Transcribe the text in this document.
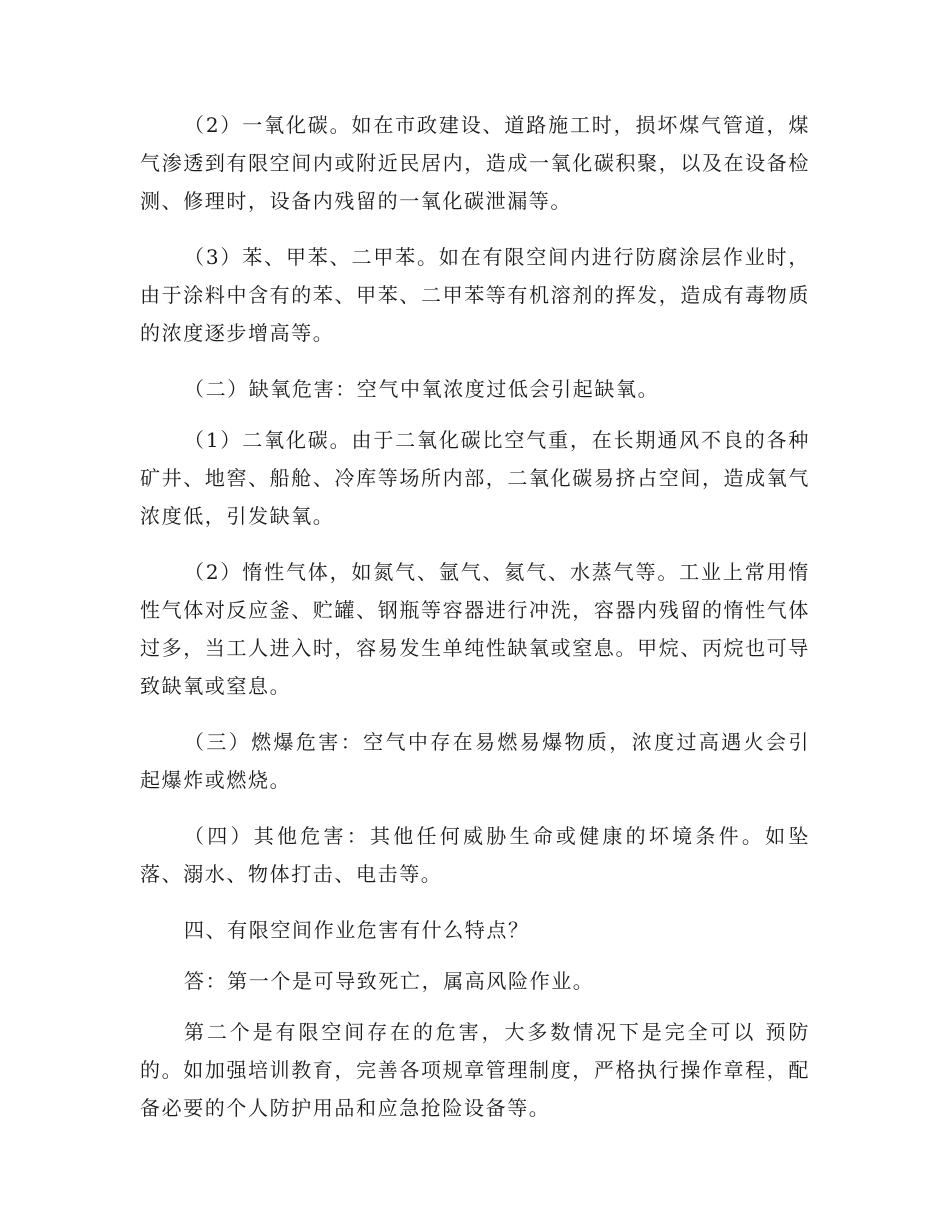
（2）一氧化碳。如在市政建设、道路施工时，损坏煤气管道，煤气渗透到有限空间内或附近民居内，造成一氧化碳积聚，以及在设备检测、修理时，设备内残留的一氧化碳泄漏等。

（3）苯、甲苯、二甲苯。如在有限空间内进行防腐涂层作业时，由于涂料中含有的苯、甲苯、二甲苯等有机溶剂的挥发，造成有毒物质的浓度逐步增高等。

（二）缺氧危害：空气中氧浓度过低会引起缺氧。

（1）二氧化碳。由于二氧化碳比空气重，在长期通风不良的各种矿井、地窖、船舱、冷库等场所内部，二氧化碳易挤占空间，造成氧气浓度低，引发缺氧。

（2）惰性气体，如氮气、氩气、氦气、水蒸气等。工业上常用惰性气体对反应釜、贮罐、钢瓶等容器进行冲洗，容器内残留的惰性气体过多，当工人进入时，容易发生单纯性缺氧或窒息。甲烷、丙烷也可导致缺氧或窒息。

（三）燃爆危害：空气中存在易燃易爆物质，浓度过高遇火会引起爆炸或燃烧。

（四）其他危害：其他任何威胁生命或健康的坏境条件。如坠落、溺水、物体打击、电击等。

四、有限空间作业危害有什么特点？

答：第一个是可导致死亡，属高风险作业。

第二个是有限空间存在的危害，大多数情况下是完全可以 预防的。如加强培训教育，完善各项规章管理制度，严格执行操作章程，配备必要的个人防护用品和应急抢险设备等。
